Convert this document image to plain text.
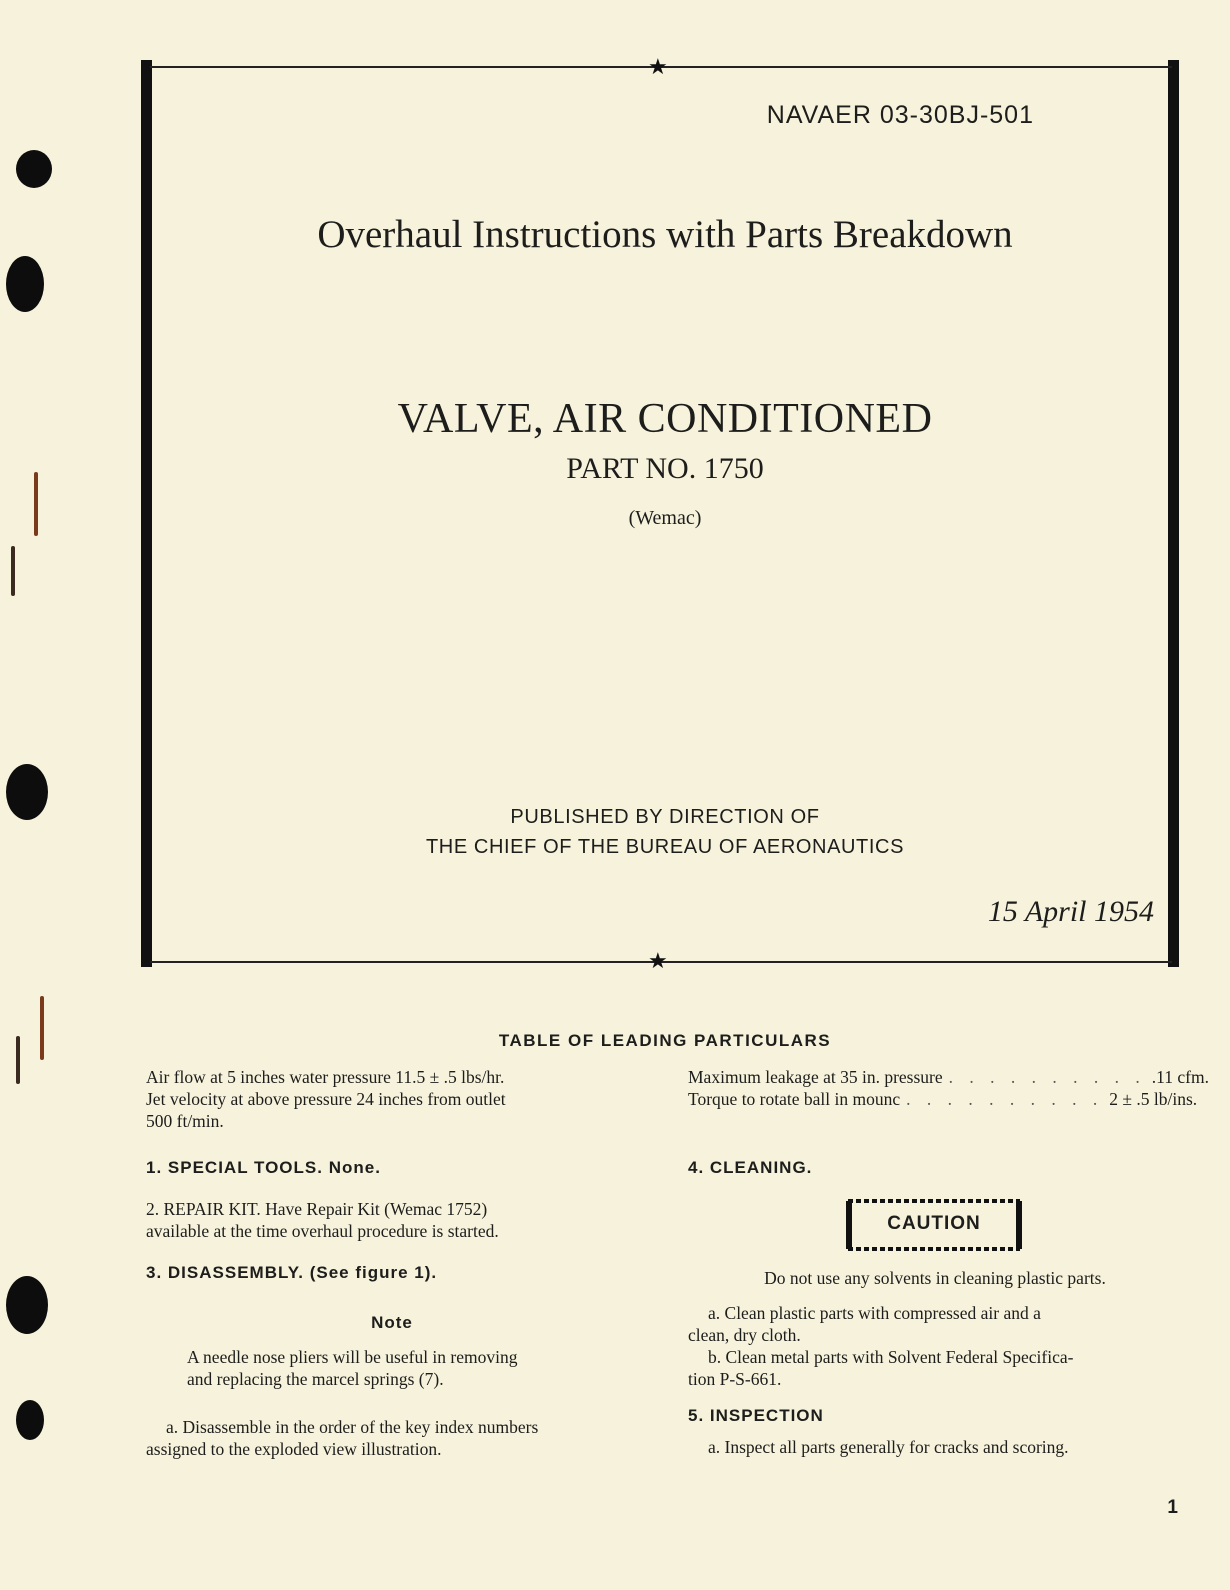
★
★
NAVAER 03-30BJ-501
Overhaul Instructions with Parts Breakdown
VALVE, AIR CONDITIONED
PART NO. 1750
(Wemac)
PUBLISHED BY DIRECTION OF
THE CHIEF OF THE BUREAU OF AERONAUTICS
15 April 1954
TABLE OF LEADING PARTICULARS
Air flow at 5 inches water pressure 11.5 ± .5 lbs/hr.
Jet velocity at above pressure 24 inches from outlet
500 ft/min.
Maximum leakage at 35 in. pressure . . . . . . . . . . .11 cfm.
Torque to rotate ball in mounc . . . . . . . . . . 2 ± .5 lb/ins.
1. SPECIAL TOOLS. None.
2. REPAIR KIT. Have Repair Kit (Wemac 1752)
available at the time overhaul procedure is started.
3. DISASSEMBLY. (See figure 1).
Note
A needle nose pliers will be useful in removing
and replacing the marcel springs (7).
a. Disassemble in the order of the key index numbers
assigned to the exploded view illustration.
4. CLEANING.
CAUTION
Do not use any solvents in cleaning plastic parts.
a. Clean plastic parts with compressed air and a
clean, dry cloth.
b. Clean metal parts with Solvent Federal Specifica-
tion P-S-661.
5. INSPECTION
a. Inspect all parts generally for cracks and scoring.
1
